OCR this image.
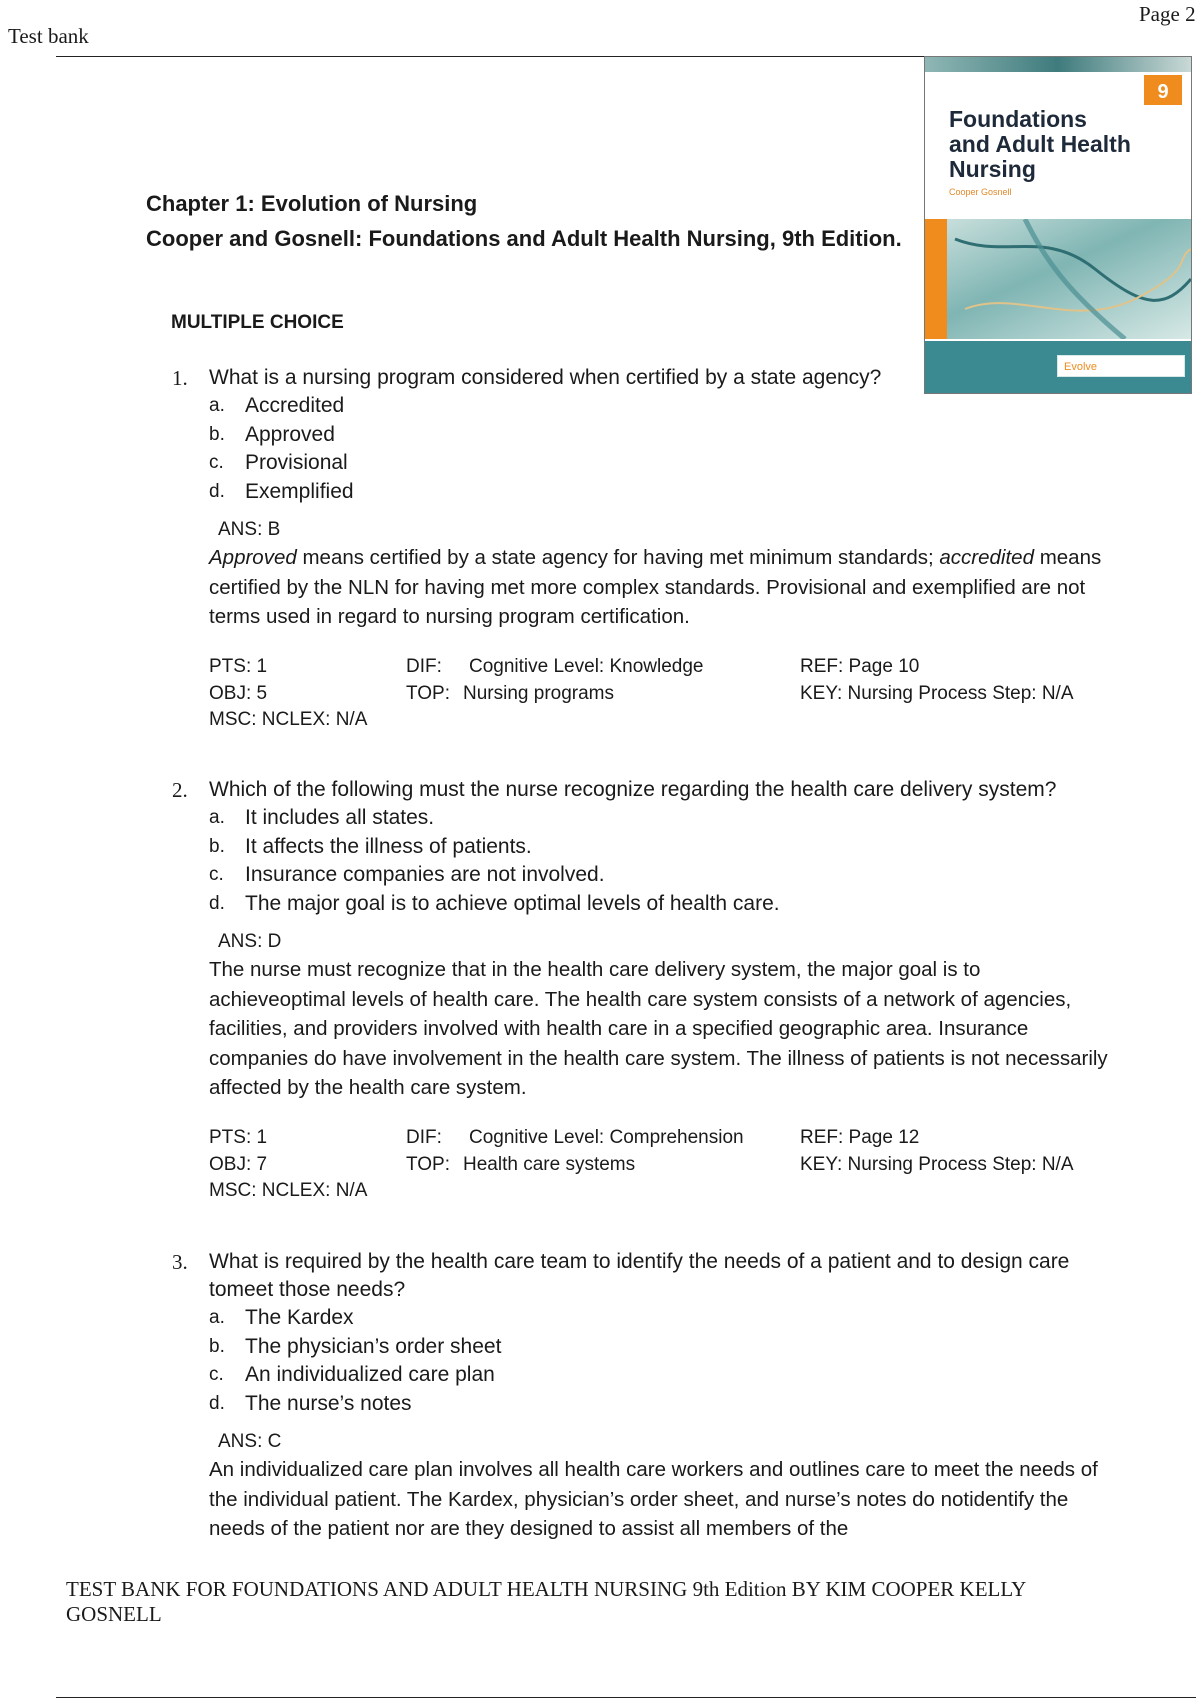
Test bank
Page 2
9
Foundations
and Adult Health
Nursing
Cooper Gosnell
Evolve
Chapter 1: Evolution of Nursing
Cooper and Gosnell: Foundations and Adult Health Nursing, 9th Edition.
MULTIPLE CHOICE
1. What is a nursing program considered when certified by a state agency?
a. Accredited
b. Approved
c. Provisional
d. Exemplified
ANS: B
Approved means certified by a state agency for having met minimum standards; accredited means certified by the NLN for having met more complex standards. Provisional and exemplified are not terms used in regard to nursing program certification.
PTS: 1	DIF: Cognitive Level: Knowledge	REF: Page 10
OBJ: 5	TOP: Nursing programs	KEY: Nursing Process Step: N/A
MSC: NCLEX: N/A
2. Which of the following must the nurse recognize regarding the health care delivery system?
a. It includes all states.
b. It affects the illness of patients.
c. Insurance companies are not involved.
d. The major goal is to achieve optimal levels of health care.
ANS: D
The nurse must recognize that in the health care delivery system, the major goal is to achieveoptimal levels of health care. The health care system consists of a network of agencies, facilities, and providers involved with health care in a specified geographic area. Insurance companies do have involvement in the health care system. The illness of patients is not necessarily affected by the health care system.
PTS: 1	DIF: Cognitive Level: Comprehension	REF: Page 12
OBJ: 7	TOP: Health care systems	KEY: Nursing Process Step: N/A
MSC: NCLEX: N/A
3. What is required by the health care team to identify the needs of a patient and to design care tomeet those needs?
a. The Kardex
b. The physician’s order sheet
c. An individualized care plan
d. The nurse’s notes
ANS: C
An individualized care plan involves all health care workers and outlines care to meet the needs of the individual patient. The Kardex, physician’s order sheet, and nurse’s notes do notidentify the needs of the patient nor are they designed to assist all members of the
TEST BANK FOR FOUNDATIONS AND ADULT HEALTH NURSING 9th Edition BY KIM COOPER KELLY GOSNELL
